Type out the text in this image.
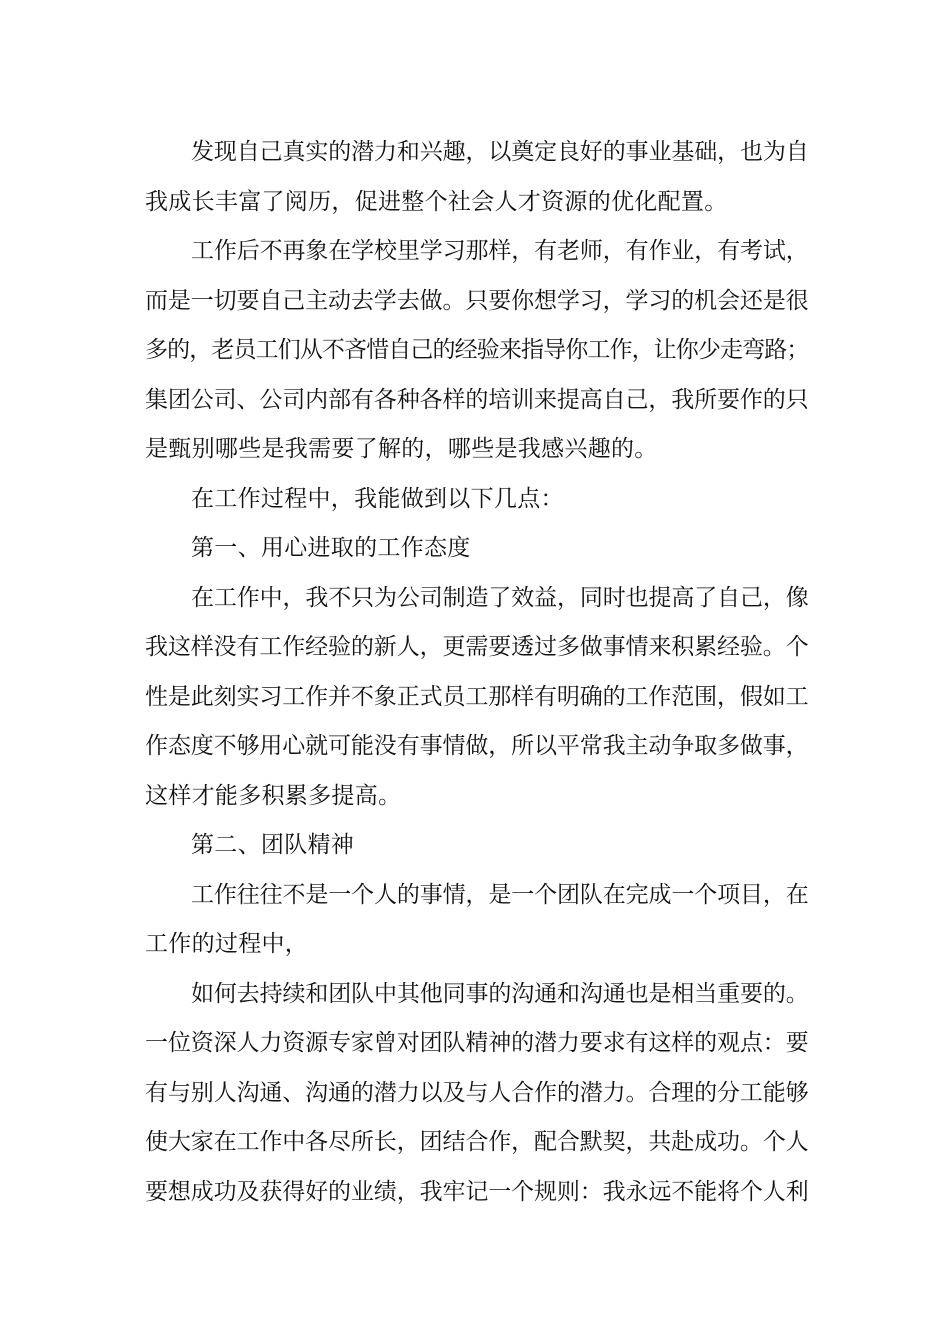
发现自己真实的潜力和兴趣，以奠定良好的事业基础，也为自
我成长丰富了阅历，促进整个社会人才资源的优化配置。
工作后不再象在学校里学习那样，有老师，有作业，有考试，
而是一切要自己主动去学去做。只要你想学习，学习的机会还是很
多的，老员工们从不吝惜自己的经验来指导你工作，让你少走弯路；
集团公司、公司内部有各种各样的培训来提高自己，我所要作的只
是甄别哪些是我需要了解的，哪些是我感兴趣的。
在工作过程中，我能做到以下几点：
第一、用心进取的工作态度
在工作中，我不只为公司制造了效益，同时也提高了自己，像
我这样没有工作经验的新人，更需要透过多做事情来积累经验。个
性是此刻实习工作并不象正式员工那样有明确的工作范围，假如工
作态度不够用心就可能没有事情做，所以平常我主动争取多做事，
这样才能多积累多提高。
第二、团队精神
工作往往不是一个人的事情，是一个团队在完成一个项目，在
工作的过程中，
如何去持续和团队中其他同事的沟通和沟通也是相当重要的。
一位资深人力资源专家曾对团队精神的潜力要求有这样的观点：要
有与别人沟通、沟通的潜力以及与人合作的潜力。合理的分工能够
使大家在工作中各尽所长，团结合作，配合默契，共赴成功。个人
要想成功及获得好的业绩，我牢记一个规则：我永远不能将个人利
